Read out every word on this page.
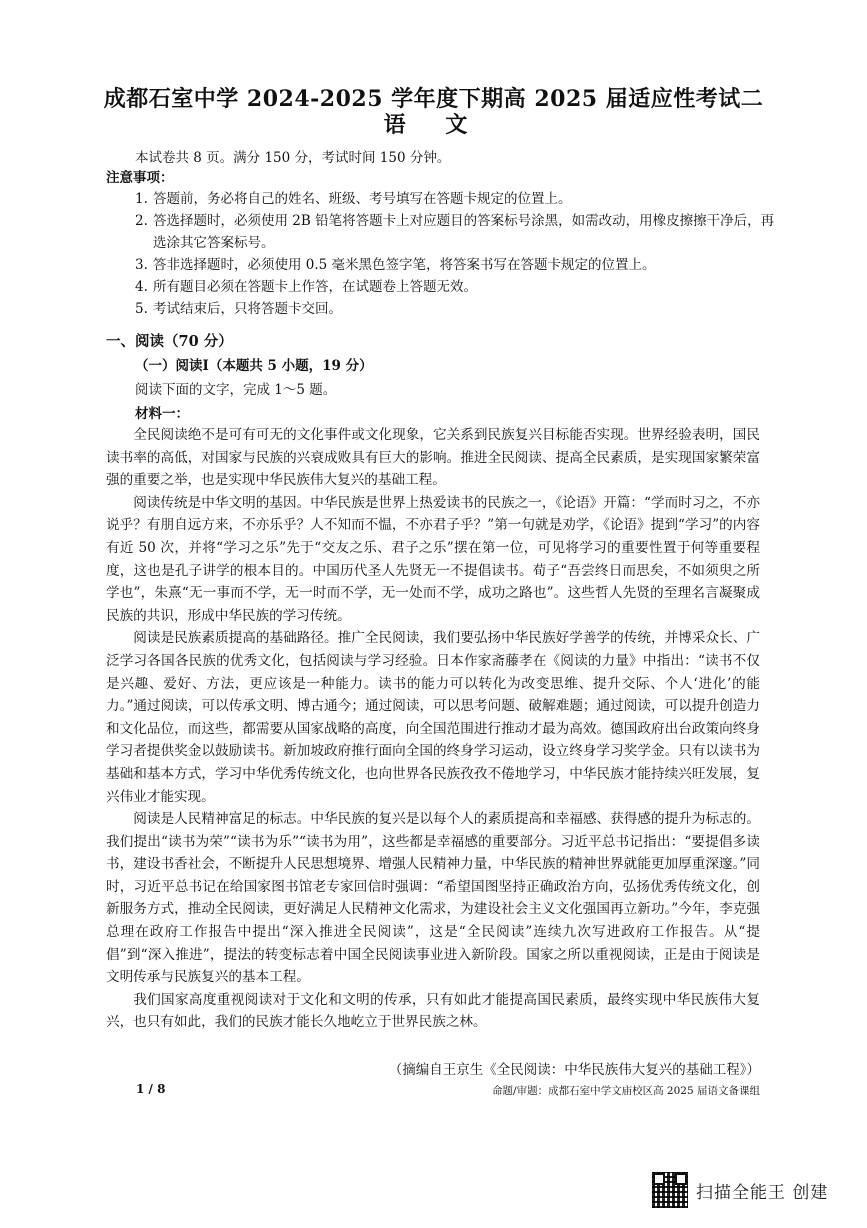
成都石室中学 2024-2025 学年度下期高 2025 届适应性考试二
语 文
本试卷共 8 页。满分 150 分，考试时间 150 分钟。
注意事项：
1. 答题前，务必将自己的姓名、班级、考号填写在答题卡规定的位置上。
2. 答选择题时，必须使用 2B 铅笔将答题卡上对应题目的答案标号涂黑，如需改动，用橡皮擦擦干净后，再选涂其它答案标号。
3. 答非选择题时，必须使用 0.5 毫米黑色签字笔，将答案书写在答题卡规定的位置上。
4. 所有题目必须在答题卡上作答，在试题卷上答题无效。
5. 考试结束后，只将答题卡交回。
一、阅读（70 分）
（一）阅读Ⅰ（本题共 5 小题，19 分）
阅读下面的文字，完成 1～5 题。
材料一：

全民阅读绝不是可有可无的文化事件或文化现象，它关系到民族复兴目标能否实现。世界经验表明，国民读书率的高低，对国家与民族的兴衰成败具有巨大的影响。推进全民阅读、提高全民素质，是实现国家繁荣富强的重要之举，也是实现中华民族伟大复兴的基础工程。

阅读传统是中华文明的基因。中华民族是世界上热爱读书的民族之一，《论语》开篇：“学而时习之，不亦说乎？有朋自远方来，不亦乐乎？人不知而不愠，不亦君子乎？”第一句就是劝学，《论语》提到“学习”的内容有近 50 次，并将“学习之乐”先于“交友之乐、君子之乐”摆在第一位，可见将学习的重要性置于何等重要程度，这也是孔子讲学的根本目的。中国历代圣人先贤无一不提倡读书。荀子“吾尝终日而思矣，不如须臾之所学也”，朱熹“无一事而不学，无一时而不学，无一处而不学，成功之路也”。这些哲人先贤的至理名言凝聚成民族的共识，形成中华民族的学习传统。

阅读是民族素质提高的基础路径。推广全民阅读，我们要弘扬中华民族好学善学的传统，并博采众长、广泛学习各国各民族的优秀文化，包括阅读与学习经验。日本作家斋藤孝在《阅读的力量》中指出：“读书不仅是兴趣、爱好、方法，更应该是一种能力。读书的能力可以转化为改变思维、提升交际、个人‘进化’的能力。”通过阅读，可以传承文明、博古通今；通过阅读，可以思考问题、破解难题；通过阅读，可以提升创造力和文化品位，而这些，都需要从国家战略的高度，向全国范围进行推动才最为高效。德国政府出台政策向终身学习者提供奖金以鼓励读书。新加坡政府推行面向全国的终身学习运动，设立终身学习奖学金。只有以读书为基础和基本方式，学习中华优秀传统文化，也向世界各民族孜孜不倦地学习，中华民族才能持续兴旺发展，复兴伟业才能实现。

阅读是人民精神富足的标志。中华民族的复兴是以每个人的素质提高和幸福感、获得感的提升为标志的。我们提出“读书为荣”“读书为乐”“读书为用”，这些都是幸福感的重要部分。习近平总书记指出：“要提倡多读书，建设书香社会，不断提升人民思想境界、增强人民精神力量，中华民族的精神世界就能更加厚重深邃。”同时，习近平总书记在给国家图书馆老专家回信时强调：“希望国图坚持正确政治方向，弘扬优秀传统文化，创新服务方式，推动全民阅读，更好满足人民精神文化需求，为建设社会主义文化强国再立新功。”今年，李克强总理在政府工作报告中提出“深入推进全民阅读”，这是“全民阅读”连续九次写进政府工作报告。从“提倡”到“深入推进”，提法的转变标志着中国全民阅读事业进入新阶段。国家之所以重视阅读，正是由于阅读是文明传承与民族复兴的基本工程。

我们国家高度重视阅读对于文化和文明的传承，只有如此才能提高国民素质，最终实现中华民族伟大复兴，也只有如此，我们的民族才能长久地屹立于世界民族之林。

（摘编自王京生《全民阅读：中华民族伟大复兴的基础工程》）
1 / 8	命题/审题：成都石室中学文庙校区高 2025 届语文备课组
扫描全能王 创建
